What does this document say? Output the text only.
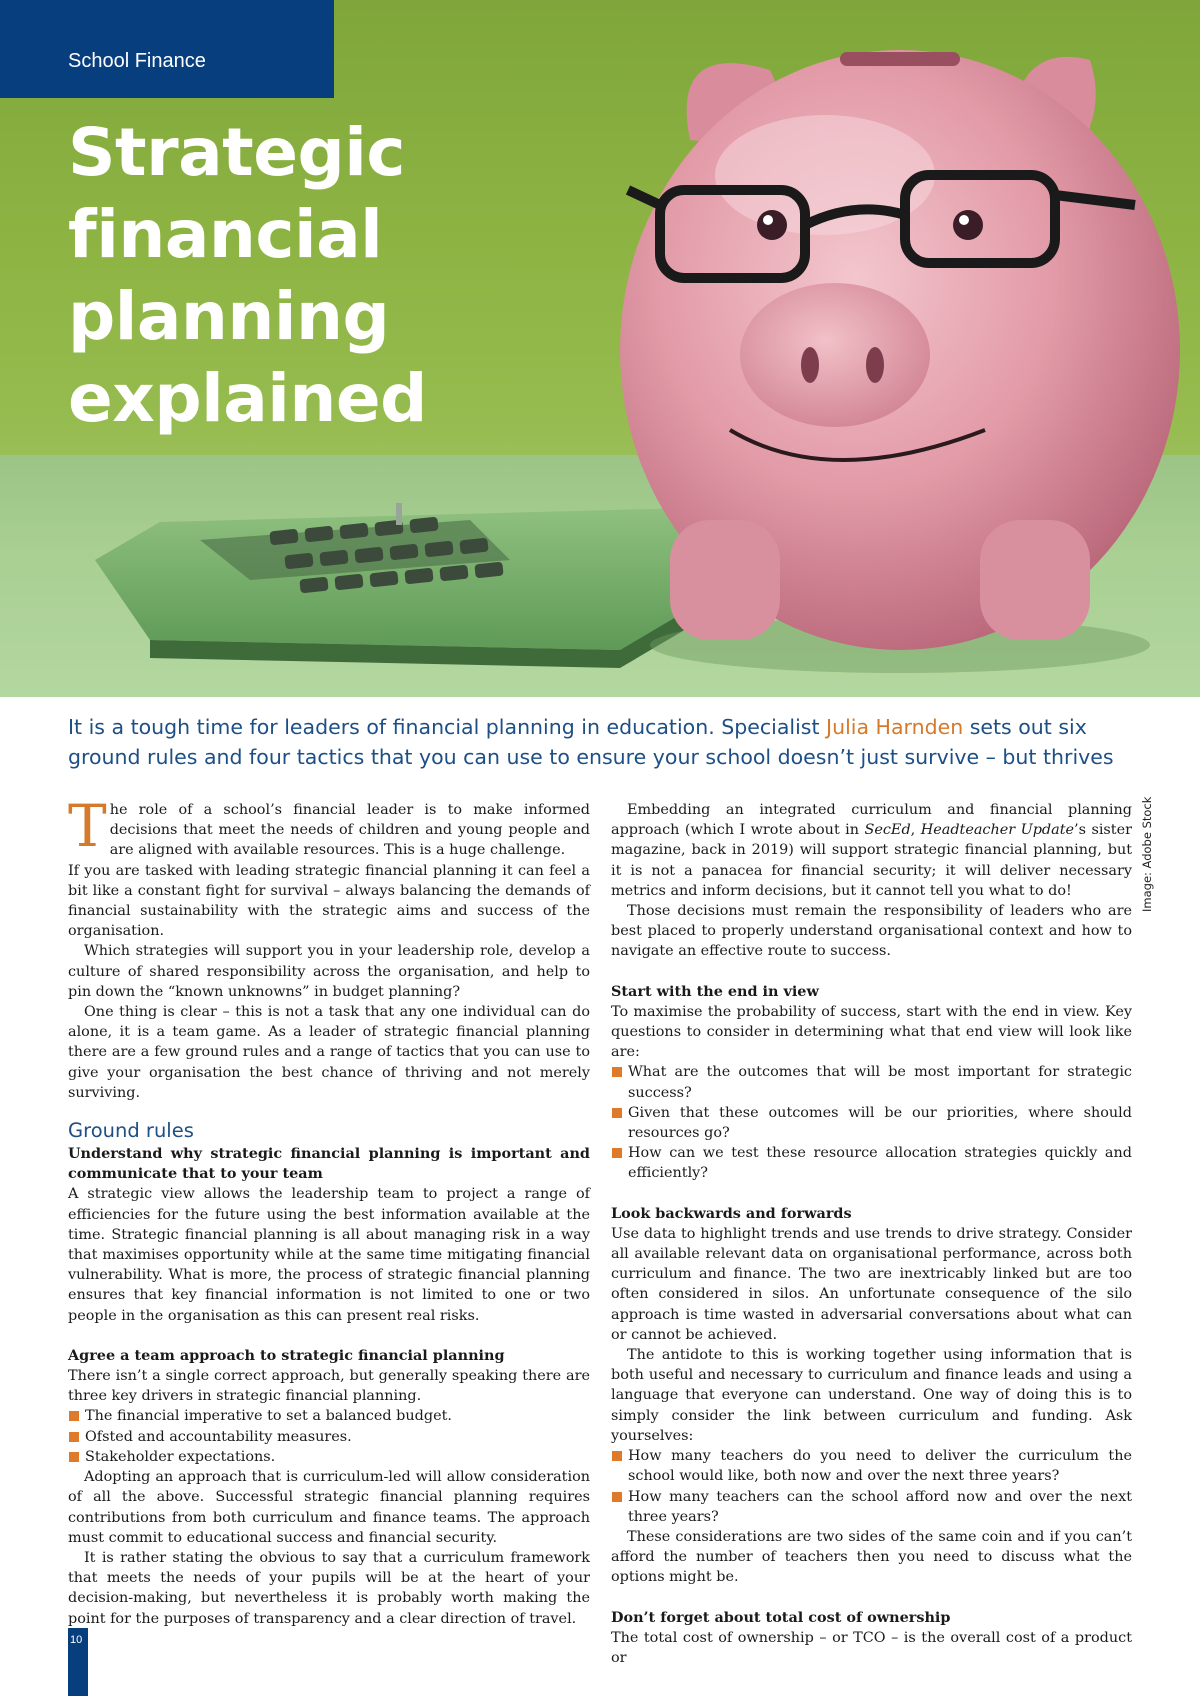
School Finance
Strategic
financial
planning
explained

It is a tough time for leaders of financial planning in education. Specialist Julia Harnden sets out six ground rules and four tactics that you can use to ensure your school doesn’t just survive – but thrives

Image: Adobe Stock

The role of a school’s financial leader is to make informed decisions that meet the needs of children and young people and are aligned with available resources. This is a huge challenge.

If you are tasked with leading strategic financial planning it can feel a bit like a constant fight for survival – always balancing the demands of financial sustainability with the strategic aims and success of the organisation.

Which strategies will support you in your leadership role, develop a culture of shared responsibility across the organisation, and help to pin down the “known unknowns” in budget planning?

One thing is clear – this is not a task that any one individual can do alone, it is a team game. As a leader of strategic financial planning there are a few ground rules and a range of tactics that you can use to give your organisation the best chance of thriving and not merely surviving.

Ground rules
Understand why strategic financial planning is important and communicate that to your team

A strategic view allows the leadership team to project a range of efficiencies for the future using the best information available at the time. Strategic financial planning is all about managing risk in a way that maximises opportunity while at the same time mitigating financial vulnerability. What is more, the process of strategic financial planning ensures that key financial information is not limited to one or two people in the organisation as this can present real risks.

Agree a team approach to strategic financial planning

There isn’t a single correct approach, but generally speaking there are three key drivers in strategic financial planning.

The financial imperative to set a balanced budget.
Ofsted and accountability measures.
Stakeholder expectations.

Adopting an approach that is curriculum-led will allow consideration of all the above. Successful strategic financial planning requires contributions from both curriculum and finance teams. The approach must commit to educational success and financial security.

It is rather stating the obvious to say that a curriculum framework that meets the needs of your pupils will be at the heart of your decision-making, but nevertheless it is probably worth making the point for the purposes of transparency and a clear direction of travel.

Embedding an integrated curriculum and financial planning approach (which I wrote about in SecEd, Headteacher Update’s sister magazine, back in 2019) will support strategic financial planning, but it is not a panacea for financial security; it will deliver necessary metrics and inform decisions, but it cannot tell you what to do!

Those decisions must remain the responsibility of leaders who are best placed to properly understand organisational context and how to navigate an effective route to success.

Start with the end in view

To maximise the probability of success, start with the end in view. Key questions to consider in determining what that end view will look like are:

What are the outcomes that will be most important for strategic success?
Given that these outcomes will be our priorities, where should resources go?
How can we test these resource allocation strategies quickly and efficiently?
Look backwards and forwards

Use data to highlight trends and use trends to drive strategy. Consider all available relevant data on organisational performance, across both curriculum and finance. The two are inextricably linked but are too often considered in silos. An unfortunate consequence of the silo approach is time wasted in adversarial conversations about what can or cannot be achieved.

The antidote to this is working together using information that is both useful and necessary to curriculum and finance leads and using a language that everyone can understand. One way of doing this is to simply consider the link between curriculum and funding. Ask yourselves:

How many teachers do you need to deliver the curriculum the school would like, both now and over the next three years?
How many teachers can the school afford now and over the next three years?

These considerations are two sides of the same coin and if you can’t afford the number of teachers then you need to discuss what the options might be.

Don’t forget about total cost of ownership

The total cost of ownership – or TCO – is the overall cost of a product or

10
